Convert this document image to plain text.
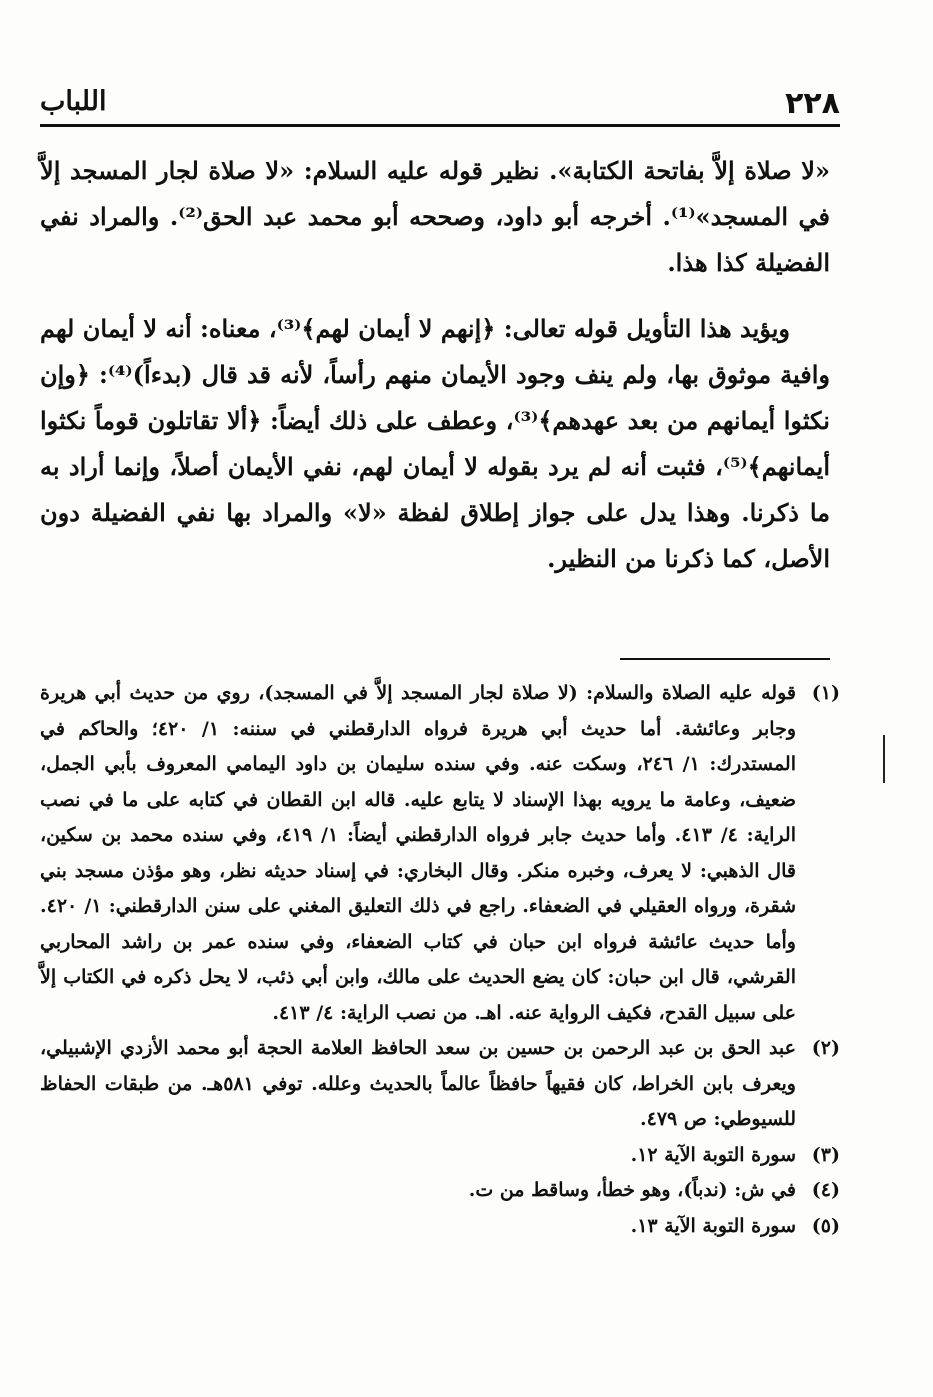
٢٢٨
اللباب

«لا صلاة إلاَّ بفاتحة الكتابة». نظير قوله عليه السلام: «لا صلاة لجار المسجد إلاَّ في المسجد»⁽¹⁾. أخرجه أبو داود، وصححه أبو محمد عبد الحق⁽²⁾. والمراد نفي الفضيلة كذا هذا.

ويؤيد هذا التأويل قوله تعالى: ﴿إنهم لا أيمان لهم﴾⁽³⁾، معناه: أنه لا أيمان لهم وافية موثوق بها، ولم ينف وجود الأيمان منهم رأساً، لأنه قد قال (بدءاً)⁽⁴⁾: ﴿وإن نكثوا أيمانهم من بعد عهدهم﴾⁽³⁾، وعطف على ذلك أيضاً: ﴿ألا تقاتلون قوماً نكثوا أيمانهم﴾⁽⁵⁾، فثبت أنه لم يرد بقوله لا أيمان لهم، نفي الأيمان أصلاً، وإنما أراد به ما ذكرنا. وهذا يدل على جواز إطلاق لفظة «لا» والمراد بها نفي الفضيلة دون الأصل، كما ذكرنا من النظير.

(١)
قوله عليه الصلاة والسلام: (لا صلاة لجار المسجد إلاَّ في المسجد)، روي من حديث أبي هريرة وجابر وعائشة. أما حديث أبي هريرة فرواه الدارقطني في سننه: ١/ ٤٢٠؛ والحاكم في المستدرك: ١/ ٢٤٦، وسكت عنه. وفي سنده سليمان بن داود اليمامي المعروف بأبي الجمل، ضعيف، وعامة ما يرويه بهذا الإسناد لا يتابع عليه. قاله ابن القطان في كتابه على ما في نصب الراية: ٤/ ٤١٣. وأما حديث جابر فرواه الدارقطني أيضاً: ١/ ٤١٩، وفي سنده محمد بن سكين، قال الذهبي: لا يعرف، وخبره منكر. وقال البخاري: في إسناد حديثه نظر، وهو مؤذن مسجد بني شقرة، ورواه العقيلي في الضعفاء. راجع في ذلك التعليق المغني على سنن الدارقطني: ١/ ٤٢٠. وأما حديث عائشة فرواه ابن حبان في كتاب الضعفاء، وفي سنده عمر بن راشد المحاربي القرشي، قال ابن حبان: كان يضع الحديث على مالك، وابن أبي ذئب، لا يحل ذكره في الكتاب إلاَّ على سبيل القدح، فكيف الرواية عنه. اهـ. من نصب الراية: ٤/ ٤١٣.
(٢)
عبد الحق بن عبد الرحمن بن حسين بن سعد الحافظ العلامة الحجة أبو محمد الأزدي الإشبيلي، ويعرف بابن الخراط، كان فقيهاً حافظاً عالماً بالحديث وعلله. توفي ٥٨١هـ. من طبقات الحفاظ للسيوطي: ص ٤٧٩.
(٣)
سورة التوبة الآية ١٢.
(٤)
في ش: (ندباً)، وهو خطأ، وساقط من ت.
(٥)
سورة التوبة الآية ١٣.
